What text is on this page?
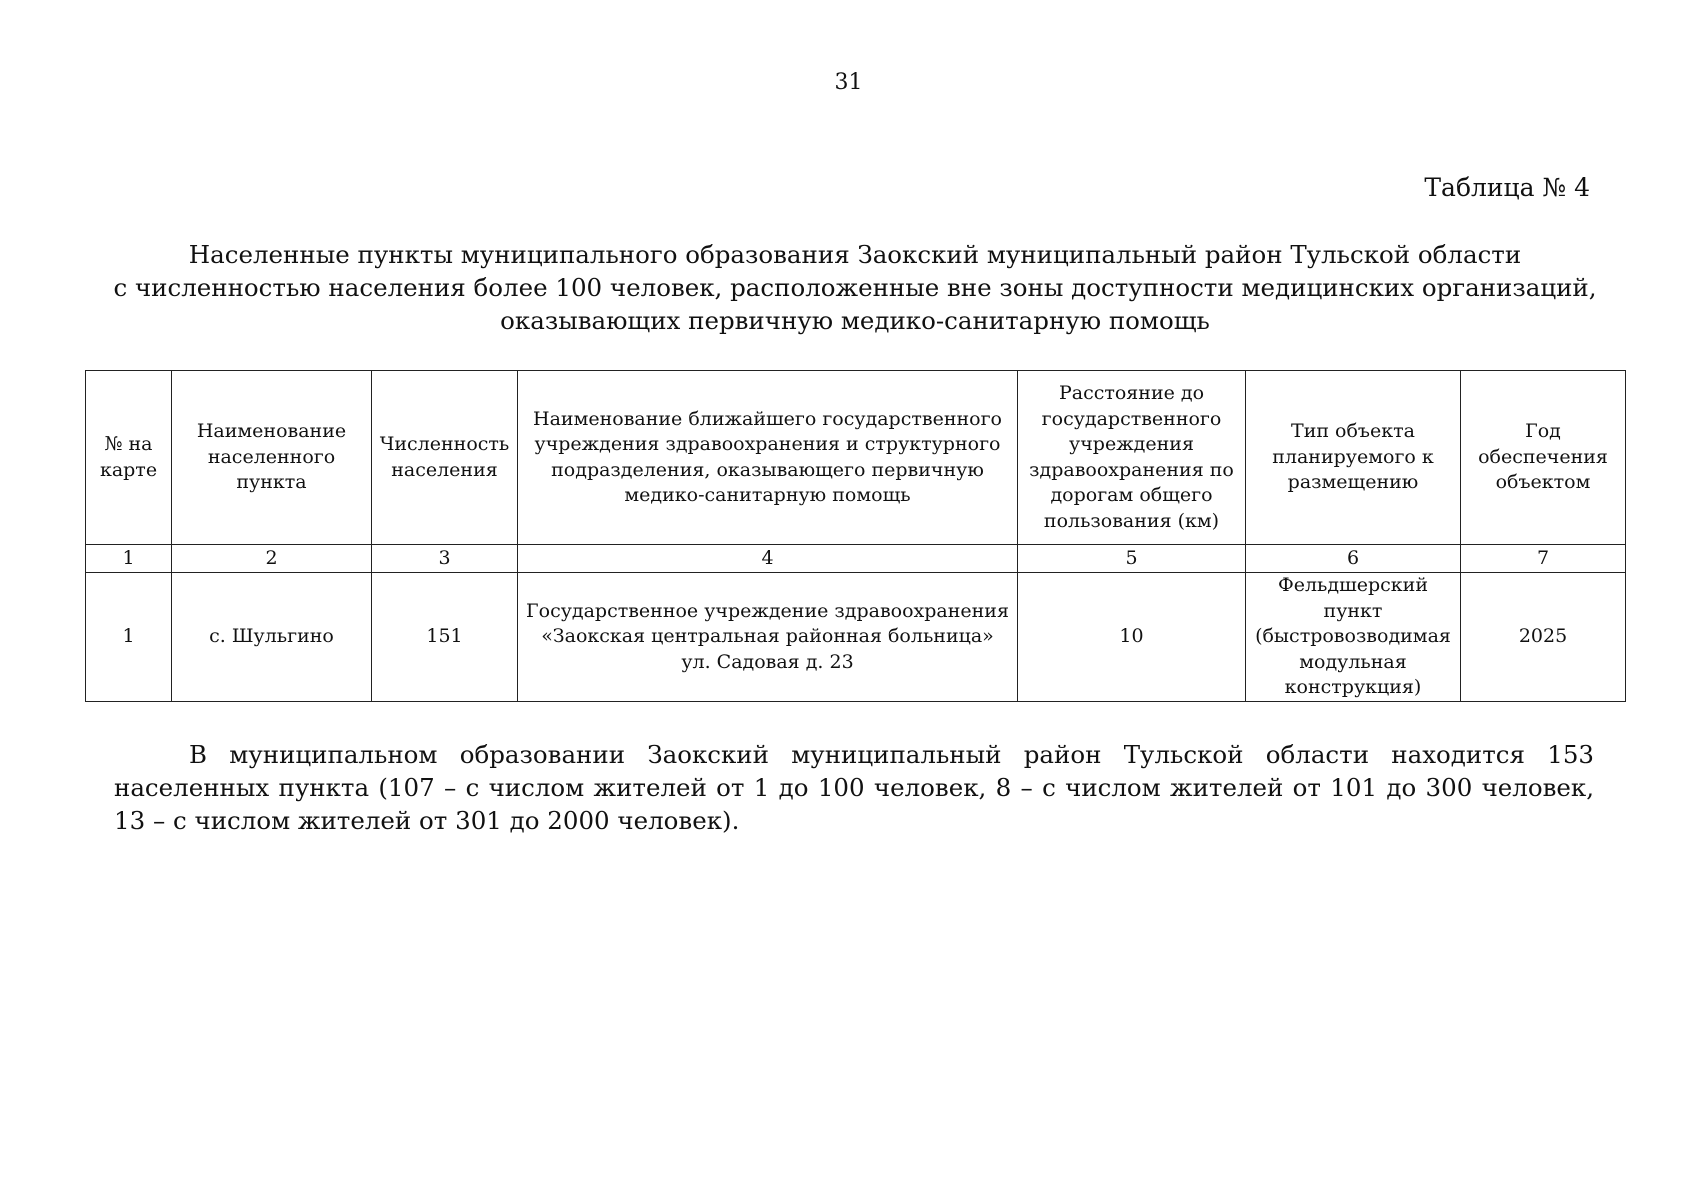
31
Таблица № 4
Населенные пункты муниципального образования Заокский муниципальный район Тульской области
с численностью населения более 100 человек, расположенные вне зоны доступности медицинских организаций,
оказывающих первичную медико-санитарную помощь
№ на карте	Наименование населенного пункта	Численность населения	Наименование ближайшего государственного учреждения здравоохранения и структурного подразделения, оказывающего первичную медико-санитарную помощь	Расстояние до государственного учреждения здравоохранения по дорогам общего пользования (км)	Тип объекта планируемого к размещению	Год обеспечения объектом
1	2	3	4	5	6	7
1	с. Шульгино	151	Государственное учреждение здравоохранения
«Заокская центральная районная больница»
ул. Садовая д. 23	10	Фельдшерский пункт (быстровозводимая модульная конструкция)	2025
В муниципальном образовании Заокский муниципальный район Тульской области находится 153 населенных пункта (107 – с числом жителей от 1 до 100 человек, 8 – с числом жителей от 101 до 300 человек, 13 – с числом жителей от 301 до 2000 человек).
